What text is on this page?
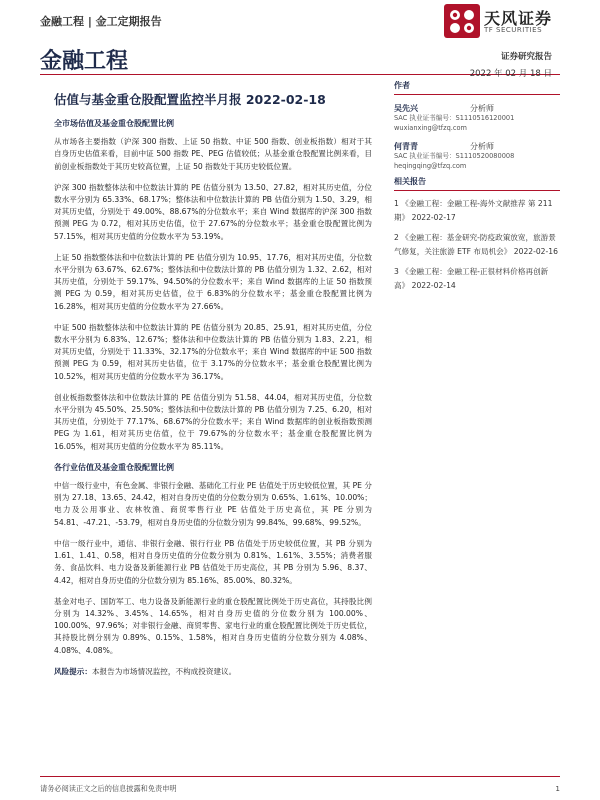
金融工程 | 金工定期报告	天风证券
TF SECURITIES
金融工程	证券研究报告
2022 年 02 月 18 日
估值与基金重仓股配置监控半月报 2022-02-18
全市场估值及基金重仓股配置比例

从市场各主要指数（沪深 300 指数、上证 50 指数、中证 500 指数、创业板指数）相对于其自身历史估值来看，目前中证 500 指数 PE、PEG 估值较低；从基金重仓股配置比例来看，目前创业板指数处于其历史较高位置，上证 50 指数处于其历史较低位置。

沪深 300 指数整体法和中位数法计算的 PE 估值分别为 13.50、27.82，相对其历史值，分位数水平分别为 65.33%、68.17%；整体法和中位数法计算的 PB 估值分别为 1.50、3.29，相对其历史值，分别处于 49.00%、88.67%的分位数水平；来自 Wind 数据库的沪深 300 指数预测 PEG 为 0.72，相对其历史估值，位于 27.67%的分位数水平；基金重仓股配置比例为 57.15%，相对其历史值的分位数水平为 53.19%。

上证 50 指数整体法和中位数法计算的 PE 估值分别为 10.95、17.76，相对其历史值，分位数水平分别为 63.67%、62.67%；整体法和中位数法计算的 PB 估值分别为 1.32、2.62，相对其历史值，分别处于 59.17%、94.50%的分位数水平；来自 Wind 数据库的上证 50 指数预测 PEG 为 0.59，相对其历史估值，位于 6.83%的分位数水平；基金重仓股配置比例为 16.28%，相对其历史值的分位数水平为 27.66%。

中证 500 指数整体法和中位数法计算的 PE 估值分别为 20.85、25.91，相对其历史值，分位数水平分别为 6.83%、12.67%；整体法和中位数法计算的 PB 估值分别为 1.83、2.21，相对其历史值，分别处于 11.33%、32.17%的分位数水平；来自 Wind 数据库的中证 500 指数预测 PEG 为 0.59，相对其历史估值，位于 3.17%的分位数水平；基金重仓股配置比例为 10.52%，相对其历史值的分位数水平为 36.17%。

创业板指数整体法和中位数法计算的 PE 估值分别为 51.58、44.04，相对其历史值，分位数水平分别为 45.50%、25.50%；整体法和中位数法计算的 PB 估值分别为 7.25、6.20，相对其历史值，分别处于 77.17%、68.67%的分位数水平；来自 Wind 数据库的创业板指数预测 PEG 为 1.61，相对其历史估值，位于 79.67%的分位数水平；基金重仓股配置比例为 16.05%，相对其历史值的分位数水平为 85.11%。

各行业估值及基金重仓股配置比例

中信一级行业中，有色金属、非银行金融、基础化工行业 PE 估值处于历史较低位置，其 PE 分别为 27.18、13.65、24.42，相对自身历史值的分位数分别为 0.65%、1.61%、10.00%；电力及公用事业、农林牧渔、商贸零售行业 PE 估值处于历史高位，其 PE 分别为 54.81、-47.21、-53.79，相对自身历史值的分位数分别为 99.84%、99.68%、99.52%。

中信一级行业中，通信、非银行金融、银行行业 PB 估值处于历史较低位置，其 PB 分别为 1.61、1.41、0.58，相对自身历史值的分位数分别为 0.81%、1.61%、3.55%；消费者服务、食品饮料、电力设备及新能源行业 PB 估值处于历史高位，其 PB 分别为 5.96、8.37、4.42，相对自身历史值的分位数分别为 85.16%、85.00%、80.32%。

基金对电子、国防军工、电力设备及新能源行业的重仓股配置比例处于历史高位，其持股比例分别为 14.32%、3.45%、14.65%，相对自身历史值的分位数分别为 100.00%、100.00%、97.96%；对非银行金融、商贸零售、家电行业的重仓股配置比例处于历史低位，其持股比例分别为 0.89%、0.15%、1.58%，相对自身历史值的分位数分别为 4.08%、4.08%、4.08%。

风险提示：本报告为市场情况监控，不构成投资建议。

作者
吴先兴	分析师
SAC 执业证书编号：S1110516120001
wuxianxing@tfzq.com
何青青	分析师
SAC 执业证书编号：S1110520080008
heqingqing@tfzq.com
相关报告
1 《金融工程：金融工程-海外文献推荐 第 211 期》 2022-02-17
2 《金融工程：基金研究-防疫政策放宽，旅游景气修复，关注旅游 ETF 布局机会》 2022-02-16
3 《金融工程：金融工程-正很材料价格再创新高》 2022-02-14
请务必阅读正文之后的信息披露和免责申明	1
